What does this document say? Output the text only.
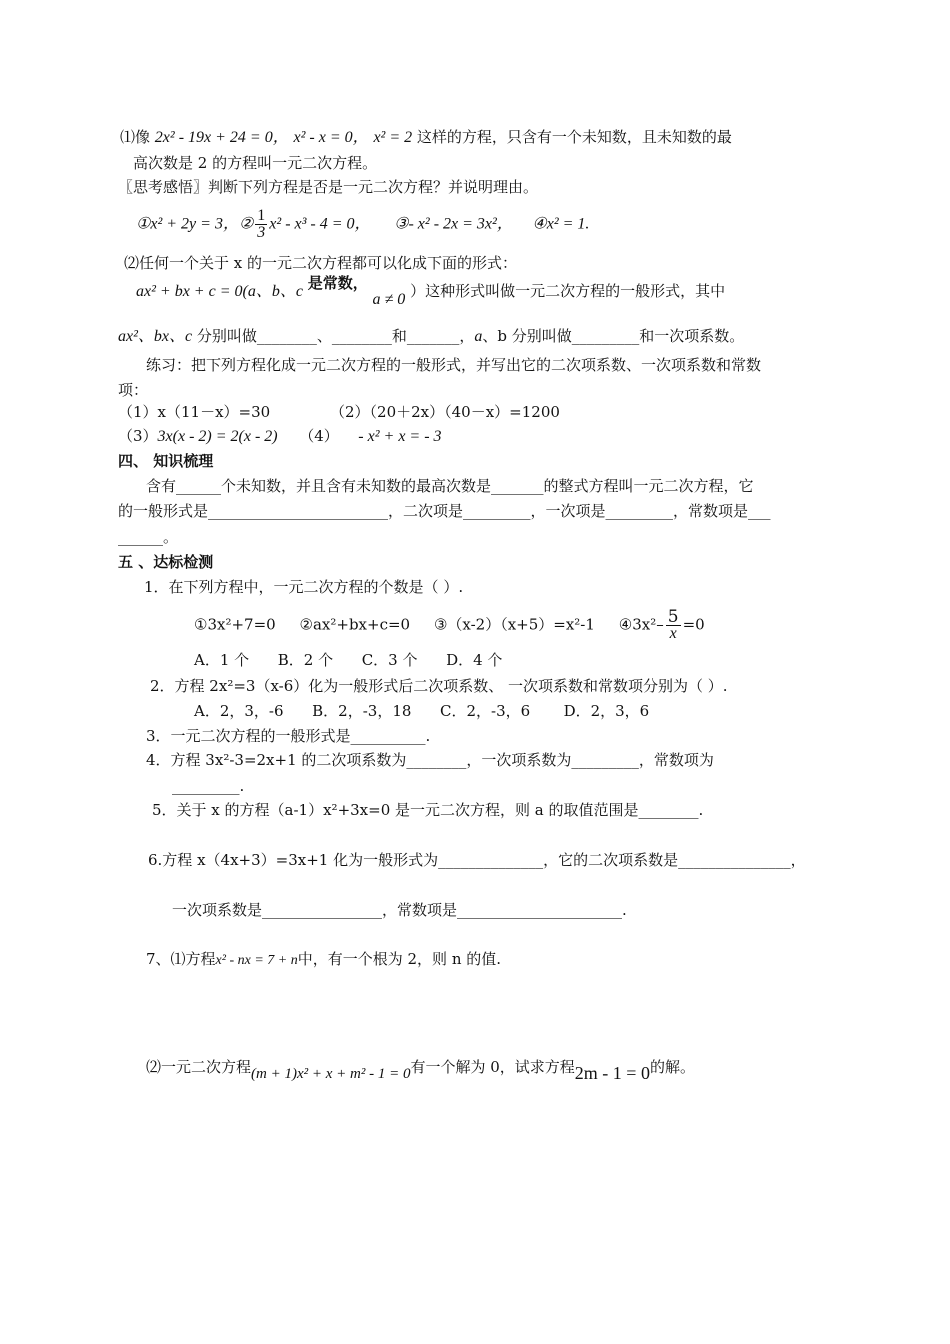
⑴像 2x² - 19x + 24 = 0， x² - x = 0， x² = 2 这样的方程，只含有一个未知数，且未知数的最
高次数是 2 的方程叫一元二次方程。
〖思考感悟〗判断下列方程是否是一元二次方程？并说明理由。
①x² + 2y = 3，② $\frac{1}{3} x^2 - x^3 - 4 = 0$， ③- x² - 2x = 3x²， ④x² = 1.
⑵任何一个关于 x 的一元二次方程都可以化成下面的形式：
ax² + bx + c = 0(a、b、c 是常数， a ≠ 0 ）这种形式叫做一元二次方程的一般形式，其中
ax²、bx、c 分别叫做________、________和_______，a、b 分别叫做_________和一次项系数。
练习：把下列方程化成一元二次方程的一般形式，并写出它的二次项系数、一次项系数和常数
项：
（1）x（11－x）=30	（2）（20＋2x）（40－x）=1200
（3）3x(x - 2) = 2(x - 2) （4） - x² + x = - 3
四、 知识梳理
含有______个未知数，并且含有未知数的最高次数是_______的整式方程叫一元二次方程，它
的一般形式是________________________，二次项是_________，一次项是_________，常数项是___
______。
五 、达标检测
1．在下列方程中，一元二次方程的个数是（ ）.
①3x²+7=0     ②ax²+bx+c=0     ③（x-2）（x+5）=x²-1     ④3x²– $\frac{5}{x} =0$
A．1 个      B．2 个      C．3 个      D．4 个
2．方程 2x²=3（x-6）化为一般形式后二次项系数、 一次项系数和常数项分别为（ ）.
A．2，3，-6      B．2，-3，18      C．2，-3，6       D．2，3，6
3．一元二次方程的一般形式是__________.
4．方程 3x²-3=2x+1 的二次项系数为________，一次项系数为_________，常数项为
_________.
5．关于 x 的方程（a-1）x²+3x=0 是一元二次方程，则 a 的取值范围是________.
6.方程 x（4x+3）=3x+1 化为一般形式为______________，它的二次项系数是_______________，
一次项系数是________________，常数项是______________________.
7、⑴方程x² - nx = 7 + n中，有一个根为 2，则 n 的值.
⑵一元二次方程(m + 1)x² + x + m² - 1 = 0有一个解为 0，试求方程2m - 1 = 0的解。
